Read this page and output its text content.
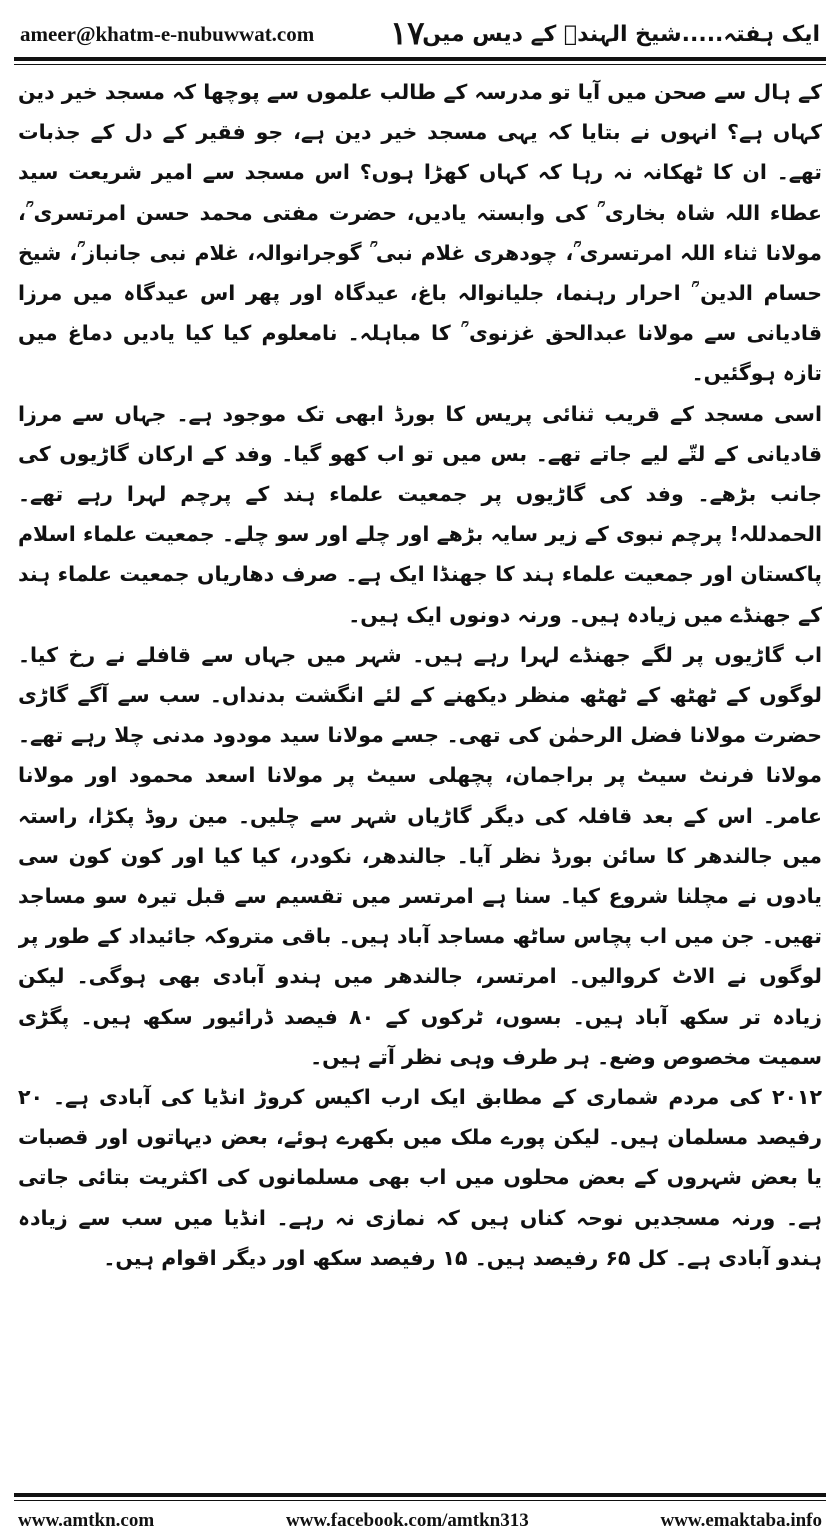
ameer@khatm-e-nubuwwat.com ۱۷
ایک ہفتہ.....شیخ الہندؒ کے دیس میں

کے ہال سے صحن میں آیا تو مدرسہ کے طالب علموں سے پوچھا کہ مسجد خیر دین کہاں ہے؟ انہوں نے بتایا کہ یہی مسجد خیر دین ہے، جو فقیر کے دل کے جذبات تھے۔ ان کا ٹھکانہ نہ رہا کہ کہاں کھڑا ہوں؟ اس مسجد سے امیر شریعت سید عطاء اللہ شاہ بخاری ؒ کی وابستہ یادیں، حضرت مفتی محمد حسن امرتسری ؒ، مولانا ثناء اللہ امرتسری ؒ، چودھری غلام نبی ؒ گوجرانوالہ، غلام نبی جانباز ؒ، شیخ حسام الدین ؒ احرار رہنما، جلیانوالہ باغ، عیدگاہ اور پھر اس عیدگاہ میں مرزا قادیانی سے مولانا عبدالحق غزنوی ؒ کا مباہلہ۔ نامعلوم کیا کیا یادیں دماغ میں تازہ ہوگئیں۔

اسی مسجد کے قریب ثنائی پریس کا بورڈ ابھی تک موجود ہے۔ جہاں سے مرزا قادیانی کے لتّے لیے جاتے تھے۔ بس میں تو اب کھو گیا۔ وفد کے ارکان گاڑیوں کی جانب بڑھے۔ وفد کی گاڑیوں پر جمعیت علماء ہند کے پرچم لہرا رہے تھے۔ الحمدللہ! پرچم نبوی کے زیر سایہ بڑھے اور چلے اور سو چلے۔ جمعیت علماء اسلام پاکستان اور جمعیت علماء ہند کا جھنڈا ایک ہے۔ صرف دھاریاں جمعیت علماء ہند کے جھنڈے میں زیادہ ہیں۔ ورنہ دونوں ایک ہیں۔

اب گاڑیوں پر لگے جھنڈے لہرا رہے ہیں۔ شہر میں جہاں سے قافلے نے رخ کیا۔ لوگوں کے ٹھٹھ کے ٹھٹھ منظر دیکھنے کے لئے انگشت بدنداں۔ سب سے آگے گاڑی حضرت مولانا فضل الرحمٰن کی تھی۔ جسے مولانا سید مودود مدنی چلا رہے تھے۔ مولانا فرنٹ سیٹ پر براجمان، پچھلی سیٹ پر مولانا اسعد محمود اور مولانا عامر۔ اس کے بعد قافلہ کی دیگر گاڑیاں شہر سے چلیں۔ مین روڈ پکڑا، راستہ میں جالندھر کا سائن بورڈ نظر آیا۔ جالندھر، نکودر، کیا کیا اور کون کون سی یادوں نے مچلنا شروع کیا۔ سنا ہے امرتسر میں تقسیم سے قبل تیرہ سو مساجد تھیں۔ جن میں اب پچاس ساٹھ مساجد آباد ہیں۔ باقی متروکہ جائیداد کے طور پر لوگوں نے الاٹ کروالیں۔ امرتسر، جالندھر میں ہندو آبادی بھی ہوگی۔ لیکن زیادہ تر سکھ آباد ہیں۔ بسوں، ٹرکوں کے ۸۰ فیصد ڈرائیور سکھ ہیں۔ پگڑی سمیت مخصوص وضع۔ ہر طرف وہی نظر آتے ہیں۔

۲۰۱۲ کی مردم شماری کے مطابق ایک ارب اکیس کروڑ انڈیا کی آبادی ہے۔ ۲۰ رفیصد مسلمان ہیں۔ لیکن پورے ملک میں بکھرے ہوئے، بعض دیہاتوں اور قصبات یا بعض شہروں کے بعض محلوں میں اب بھی مسلمانوں کی اکثریت بتائی جاتی ہے۔ ورنہ مسجدیں نوحہ کناں ہیں کہ نمازی نہ رہے۔ انڈیا میں سب سے زیادہ ہندو آبادی ہے۔ کل ۶۵ رفیصد ہیں۔ ۱۵ رفیصد سکھ اور دیگر اقوام ہیں۔

www.amtkn.com	www.facebook.com/amtkn313	www.emaktaba.info
